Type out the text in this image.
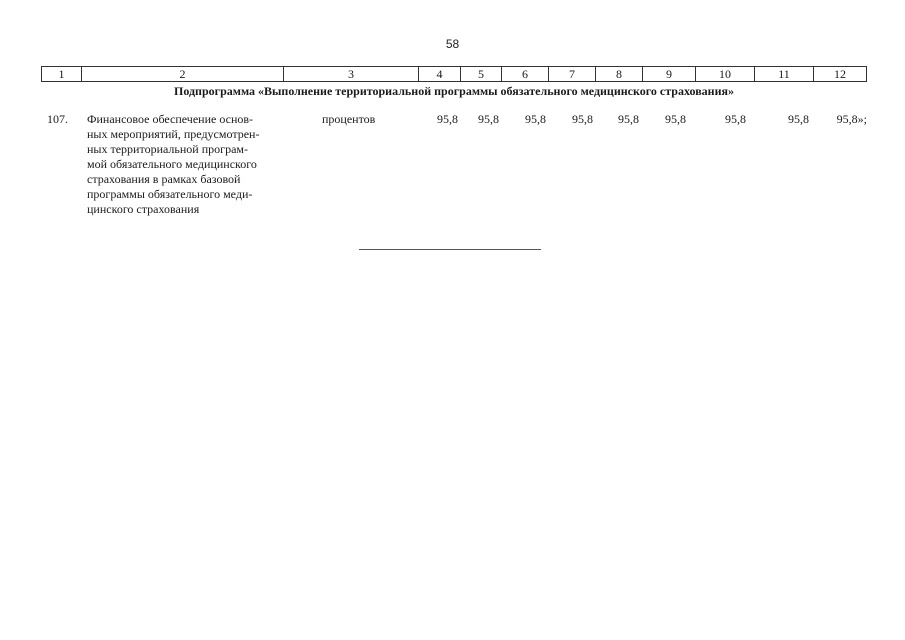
58
1	2	3	4	5	6	7	8	9	10	11	12
Подпрограмма «Выполнение территориальной программы обязательного медицинского страхования»
107. Финансовое обеспечение основ-
ных мероприятий, предусмотрен-
ных территориальной програм-
мой обязательного медицинского
страхования в рамках базовой
программы обязательного меди-
цинского страхования
процентов	95,8 95,8 95,8 95,8 95,8 95,8	95,8	95,8 95,8»;
